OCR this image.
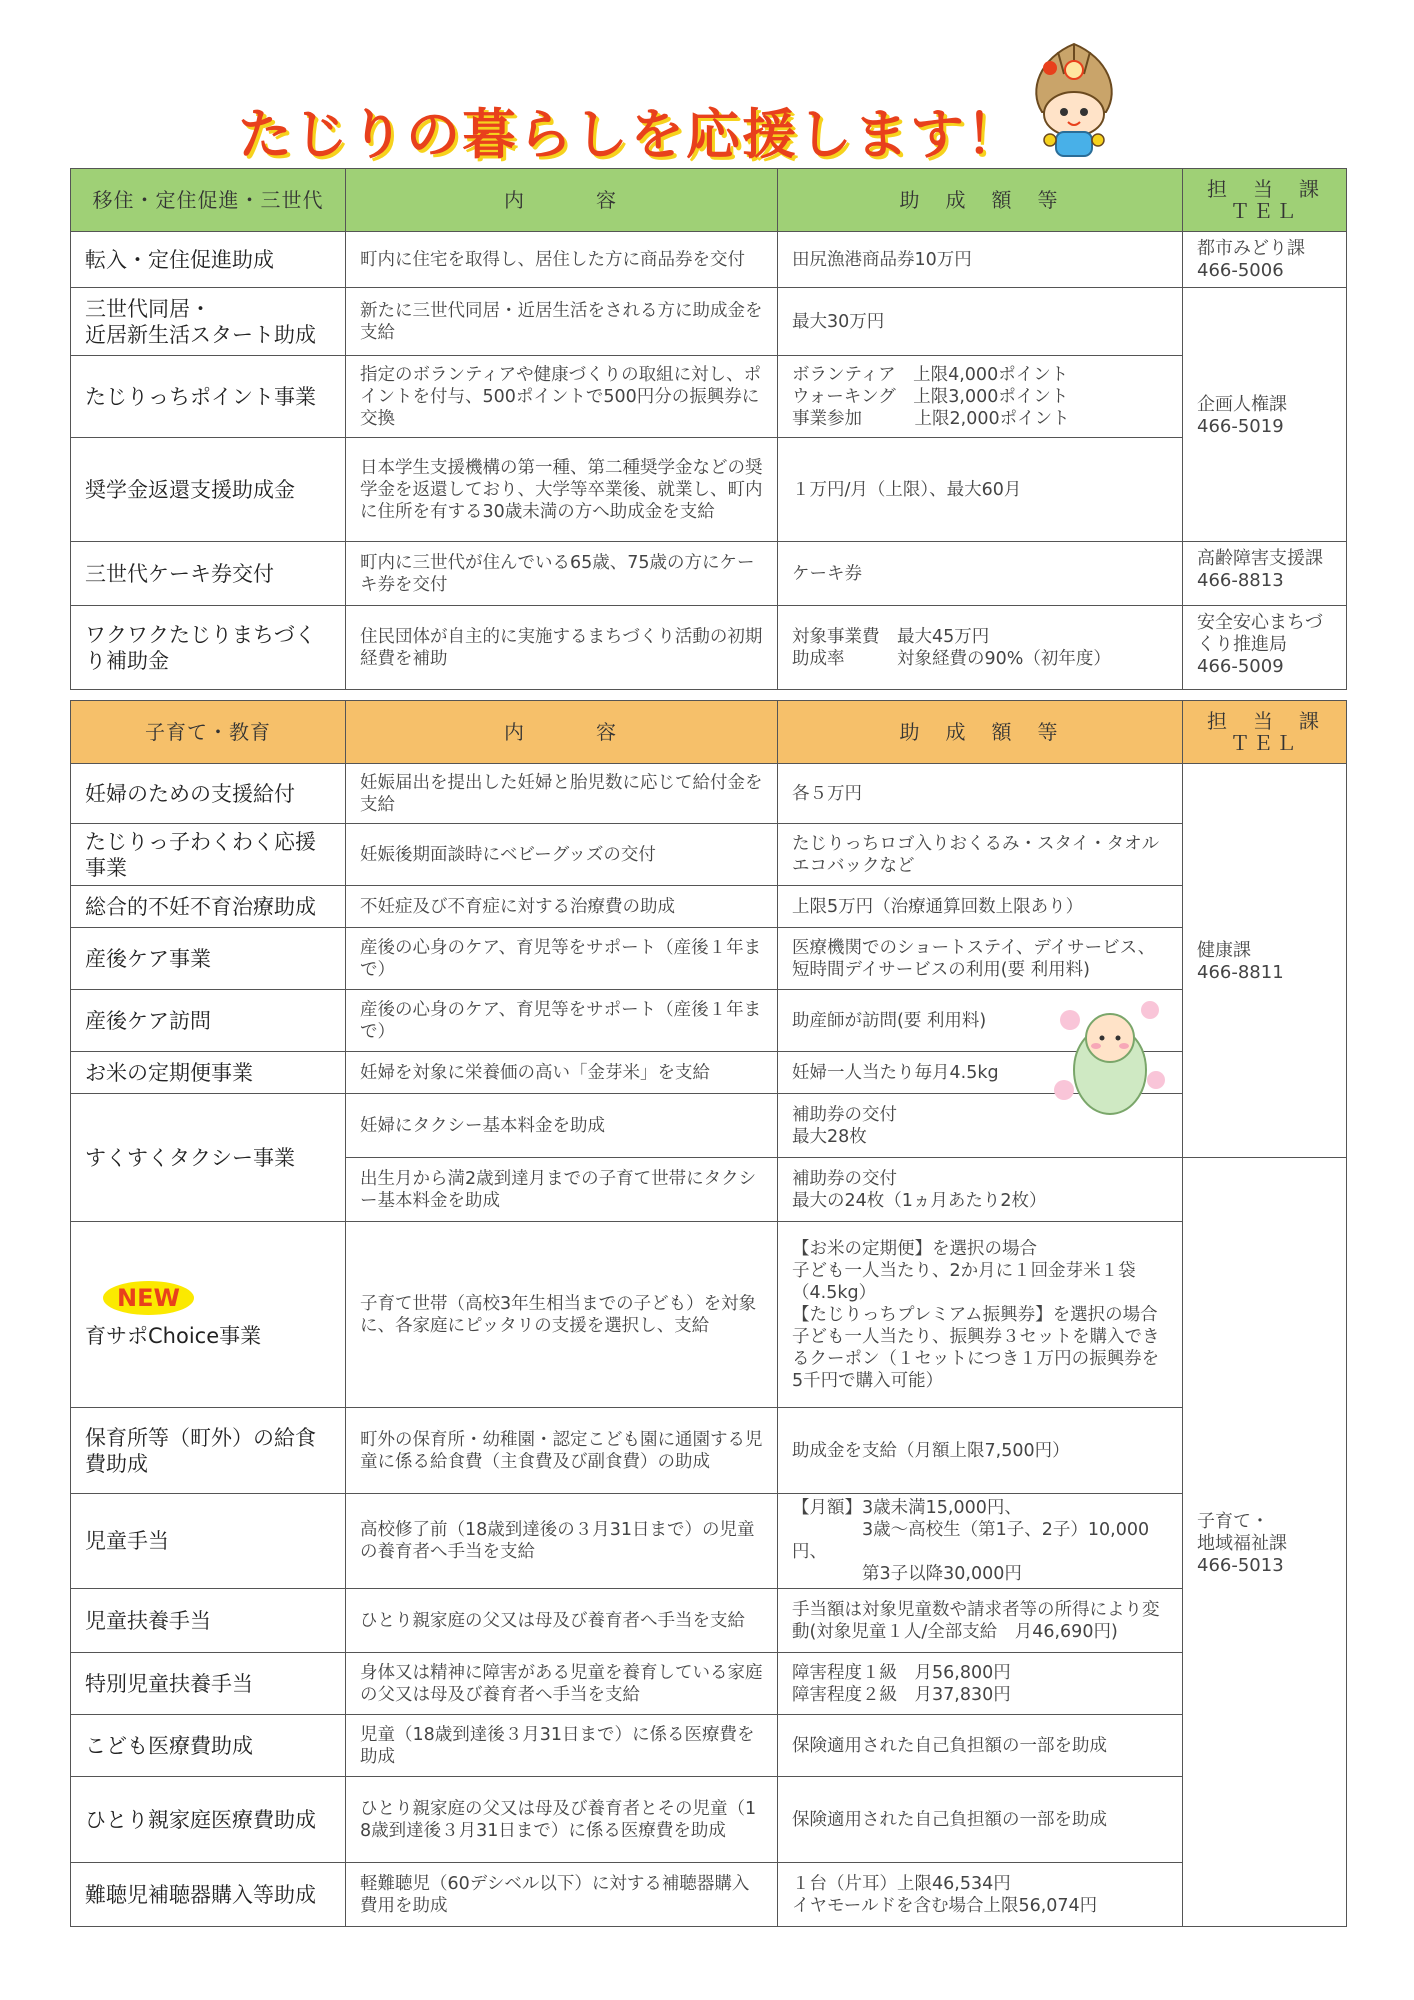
たじりの暮らしを応援します！
移住・定住促進・三世代	内　　　容	助　成　額　等	担　当　課
ＴＥＬ
転入・定住促進助成	町内に住宅を取得し、居住した方に商品券を交付	田尻漁港商品券10万円	都市みどり課
466-5006
三世代同居・
近居新生活スタート助成	新たに三世代同居・近居生活をされる方に助成金を支給	最大30万円	企画人権課
466-5019
たじりっちポイント事業	指定のボランティアや健康づくりの取組に対し、ポイントを付与、500ポイントで500円分の振興券に交換	ボランティア　上限4,000ポイント
ウォーキング　上限3,000ポイント
事業参加　　　上限2,000ポイント	
奨学金返還支援助成金	日本学生支援機構の第一種、第二種奨学金などの奨学金を返還しており、大学等卒業後、就業し、町内に住所を有する30歳未満の方へ助成金を支給	１万円/月（上限）、最大60月	
三世代ケーキ券交付	町内に三世代が住んでいる65歳、75歳の方にケーキ券を交付	ケーキ券	高齢障害支援課
466-8813
ワクワクたじりまちづくり補助金	住民団体が自主的に実施するまちづくり活動の初期経費を補助	対象事業費　最大45万円
助成率　　　対象経費の90%（初年度）	安全安心まちづくり推進局
466-5009
子育て・教育	内　　　容	助　成　額　等	担　当　課
ＴＥＬ
妊婦のための支援給付	妊娠届出を提出した妊婦と胎児数に応じて給付金を支給	各５万円	健康課
466-8811
たじりっ子わくわく応援事業	妊娠後期面談時にベビーグッズの交付	たじりっちロゴ入りおくるみ・スタイ・タオル
エコバックなど	
総合的不妊不育治療助成	不妊症及び不育症に対する治療費の助成	上限5万円（治療通算回数上限あり）	
産後ケア事業	産後の心身のケア、育児等をサポート（産後１年まで）	医療機関でのショートステイ、デイサービス、短時間デイサービスの利用(要 利用料)	
産後ケア訪問	産後の心身のケア、育児等をサポート（産後１年まで）	助産師が訪問(要 利用料)	
お米の定期便事業	妊婦を対象に栄養価の高い「金芽米」を支給	妊婦一人当たり毎月4.5kg	
すくすくタクシー事業	妊婦にタクシー基本料金を助成	補助券の交付
最大28枚	
	出生月から満2歳到達月までの子育て世帯にタクシー基本料金を助成	補助券の交付
最大の24枚（1ヵ月あたり2枚）	子育て・
地域福祉課
466-5013
NEW
育サポChoice事業	子育て世帯（高校3年生相当までの子ども）を対象に、各家庭にピッタリの支援を選択し、支給	【お米の定期便】を選択の場合
子ども一人当たり、2か月に１回金芽米１袋（4.5kg）
【たじりっちプレミアム振興券】を選択の場合
子ども一人当たり、振興券３セットを購入できるクーポン（１セットにつき１万円の振興券を5千円で購入可能）	
保育所等（町外）の給食費助成	町外の保育所・幼稚園・認定こども園に通園する児童に係る給食費（主食費及び副食費）の助成	助成金を支給（月額上限7,500円）	
児童手当	高校修了前（18歳到達後の３月31日まで）の児童の養育者へ手当を支給	【月額】3歳未満15,000円、
　　　　3歳～高校生（第1子、2子）10,000円、
　　　　第3子以降30,000円	
児童扶養手当	ひとり親家庭の父又は母及び養育者へ手当を支給	手当額は対象児童数や請求者等の所得により変動(対象児童１人/全部支給　月46,690円)	
特別児童扶養手当	身体又は精神に障害がある児童を養育している家庭の父又は母及び養育者へ手当を支給	障害程度１級　月56,800円
障害程度２級　月37,830円	
こども医療費助成	児童（18歳到達後３月31日まで）に係る医療費を助成	保険適用された自己負担額の一部を助成	
ひとり親家庭医療費助成	ひとり親家庭の父又は母及び養育者とその児童（18歳到達後３月31日まで）に係る医療費を助成	保険適用された自己負担額の一部を助成	
難聴児補聴器購入等助成	軽難聴児（60デシベル以下）に対する補聴器購入費用を助成	１台（片耳）上限46,534円
イヤモールドを含む場合上限56,074円	
